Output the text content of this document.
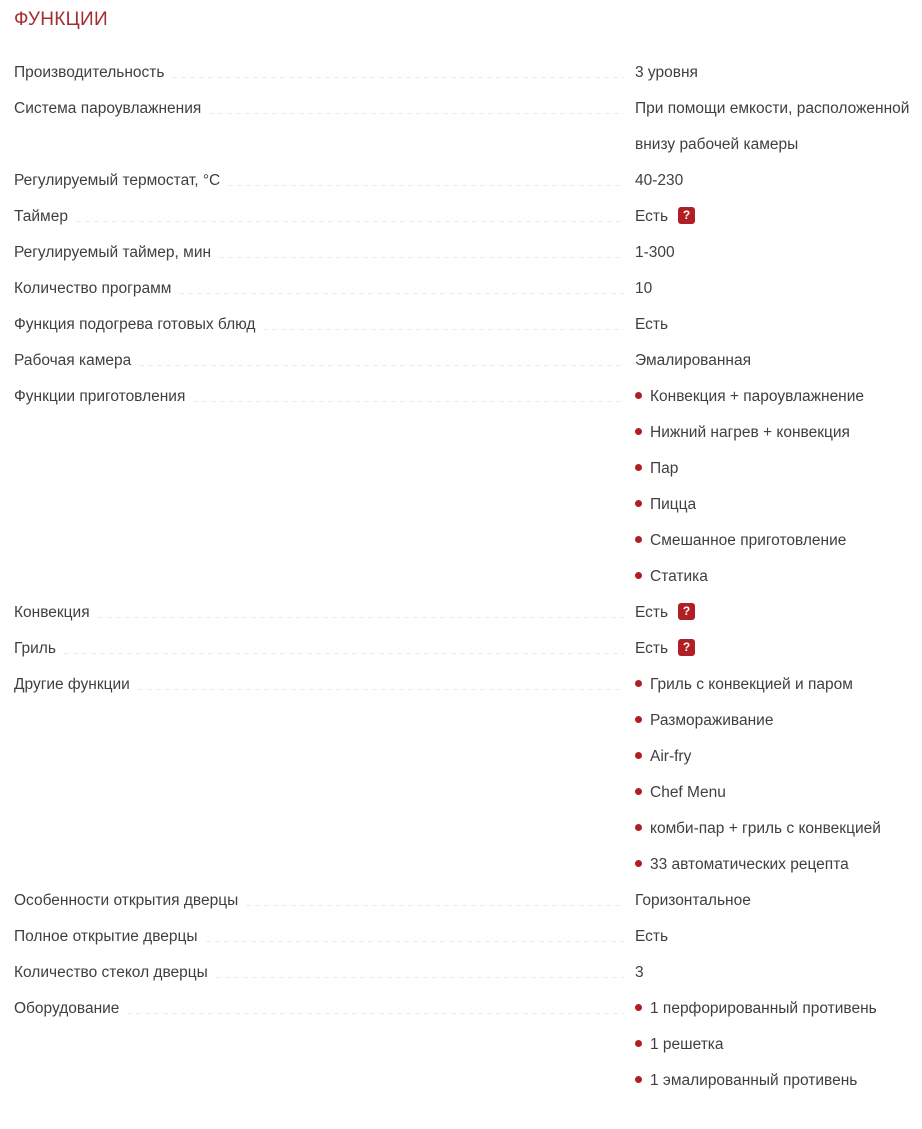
ФУНКЦИИ
Производительность	3 уровня
Система пароувлажнения	При помощи емкости, расположенной
внизу рабочей камеры
Регулируемый термостат, °С	40-230
Таймер	Есть ?
Регулируемый таймер, мин	1-300
Количество программ	10
Функция подогрева готовых блюд	Есть
Рабочая камера	Эмалированная
Функции приготовления	Конвекция + пароувлажнение
Нижний нагрев + конвекция
Пар
Пицца
Смешанное приготовление
Статика
Конвекция	Есть ?
Гриль	Есть ?
Другие функции	Гриль с конвекцией и паром
Размораживание
Air-fry
Chef Menu
комби-пар + гриль с конвекцией
33 автоматических рецепта
Особенности открытия дверцы	Горизонтальное
Полное открытие дверцы	Есть
Количество стекол дверцы	3
Оборудование	1 перфорированный противень
1 решетка
1 эмалированный противень
